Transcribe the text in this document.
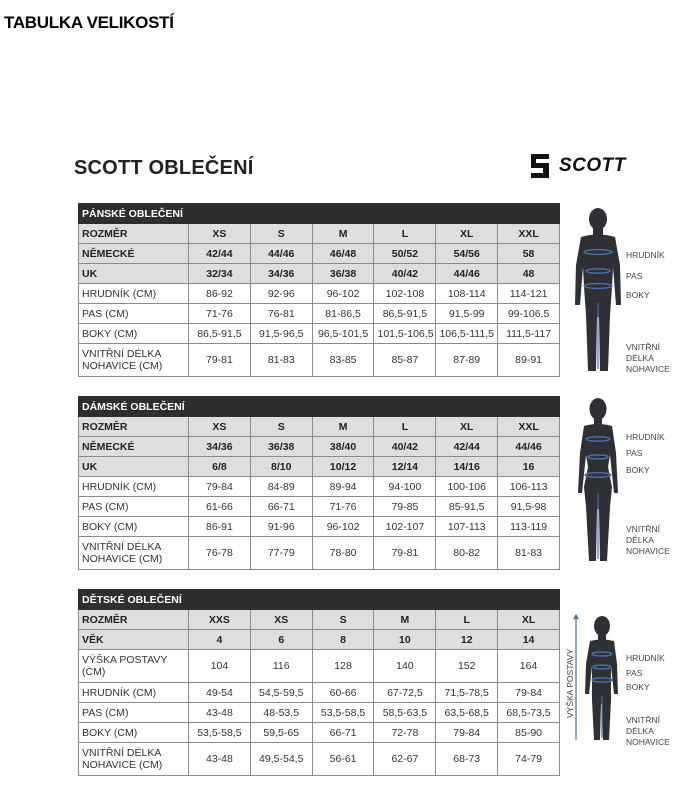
TABULKA VELIKOSTÍ
SCOTT OBLEČENÍ	SCOTT
PÁNSKÉ OBLEČENÍ						
ROZMĚR	XS	S	M	L	XL	XXL
NĚMECKÉ	42/44	44/46	46/48	50/52	54/56	58
UK	32/34	34/36	36/38	40/42	44/46	48
HRUDNÍK (CM)	86-92	92-96	96-102	102-108	108-114	114-121
PAS (CM)	71-76	76-81	81-86,5	86,5-91,5	91,5-99	99-106,5
BOKY (CM)	86,5-91,5	91,5-96,5	96,5-101,5	101,5-106,5	106,5-111,5	111,5-117
VNITŘNÍ DÉLKA NOHAVICE (CM)	79-81	81-83	83-85	85-87	87-89	89-91
DÁMSKÉ OBLEČENÍ						
ROZMĚR	XS	S	M	L	XL	XXL
NĚMECKÉ	34/36	36/38	38/40	40/42	42/44	44/46
UK	6/8	8/10	10/12	12/14	14/16	16
HRUDNÍK (CM)	79-84	84-89	89-94	94-100	100-106	106-113
PAS (CM)	61-66	66-71	71-76	79-85	85-91,5	91,5-98
BOKY (CM)	86-91	91-96	96-102	102-107	107-113	113-119
VNITŘNÍ DÉLKA NOHAVICE (CM)	76-78	77-79	78-80	79-81	80-82	81-83
DĚTSKÉ OBLEČENÍ						
ROZMĚR	XXS	XS	S	M	L	XL
VĚK	4	6	8	10	12	14
VÝŠKA POSTAVY (CM)	104	116	128	140	152	164
HRUDNÍK (CM)	49-54	54,5-59,5	60-66	67-72,5	71,5-78,5	79-84
PAS (CM)	43-48	48-53,5	53,5-58,5	58,5-63,5	63,5-68,5	68,5-73,5
BOKY (CM)	53,5-58,5	59,5-65	66-71	72-78	79-84	85-90
VNITŘNÍ DÉLKA NOHAVICE (CM)	43-48	49,5-54,5	56-61	62-67	68-73	74-79
HRUDNÍK
PAS
BOKY
VNITŘNÍ DÉLKA NOHAVICE
HRUDNÍK
PAS
BOKY
VNITŘNÍ DÉLKA NOHAVICE
VÝŠKA POSTAVY	HRUDNÍK
PAS
BOKY
VNITŘNÍ DÉLKA NOHAVICE
